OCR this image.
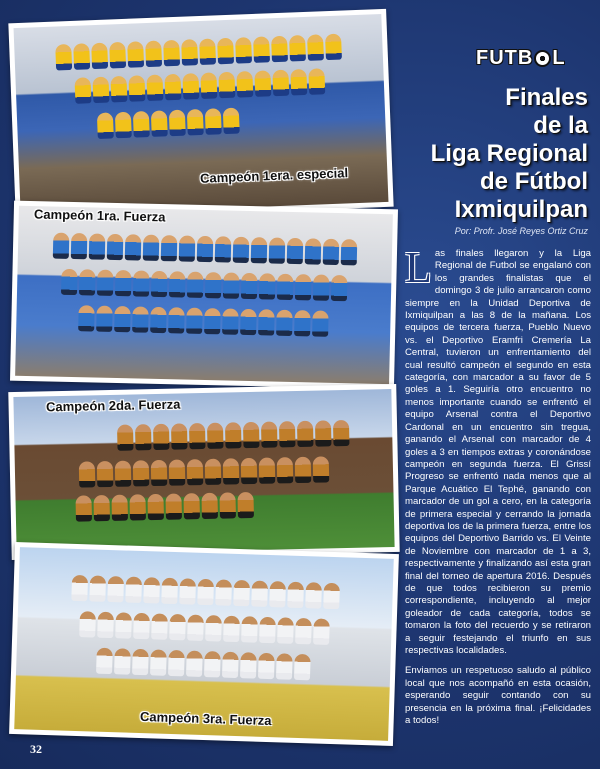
Campeón 1era. especial
Campeón 1ra. Fuerza
Campeón 2da. Fuerza
Campeón 3ra. Fuerza
FUTB L
Finales
de la
Liga Regional
de Fútbol
Ixmiquilpan
Por: Profr. José Reyes Ortiz Cruz

Las finales llegaron y la Liga Regional de Futbol se engalanó con los grandes finalistas que el domingo 3 de julio arrancaron como siempre en la Unidad Deportiva de Ixmiquilpan a las 8 de la mañana. Los equipos de tercera fuerza, Pueblo Nuevo vs. el Deportivo Eramfri Cremería La Central, tuvieron un enfrentamiento del cual resultó campeón el segundo en esta categoría, con marcador a su favor de 5 goles a 1. Seguiría otro encuentro no menos importante cuando se enfrentó el equipo Arsenal contra el Deportivo Cardonal en un encuentro sin tregua, ganando el Arsenal con marcador de 4 goles a 3 en tiempos extras y coronándose campeón en segunda fuerza. El Grissí Progreso se enfrentó nada menos que al Parque Acuático El Tephé, ganando con marcador de un gol a cero, en la categoría de primera especial y cerrando la jornada deportiva los de la primera fuerza, entre los equipos del Deportivo Barrido vs. El Veinte de Noviembre con marcador de 1 a 3, respectivamente y finalizando así esta gran final del torneo de apertura 2016. Después de que todos recibieron su premio correspondiente, incluyendo al mejor goleador de cada categoría, todos se tomaron la foto del recuerdo y se retiraron a seguir festejando el triunfo en sus respectivas localidades.

Enviamos un respetuoso saludo al público local que nos acompañó en esta ocasión, esperando seguir contando con su presencia en la próxima final. ¡Felicidades a todos!

32
